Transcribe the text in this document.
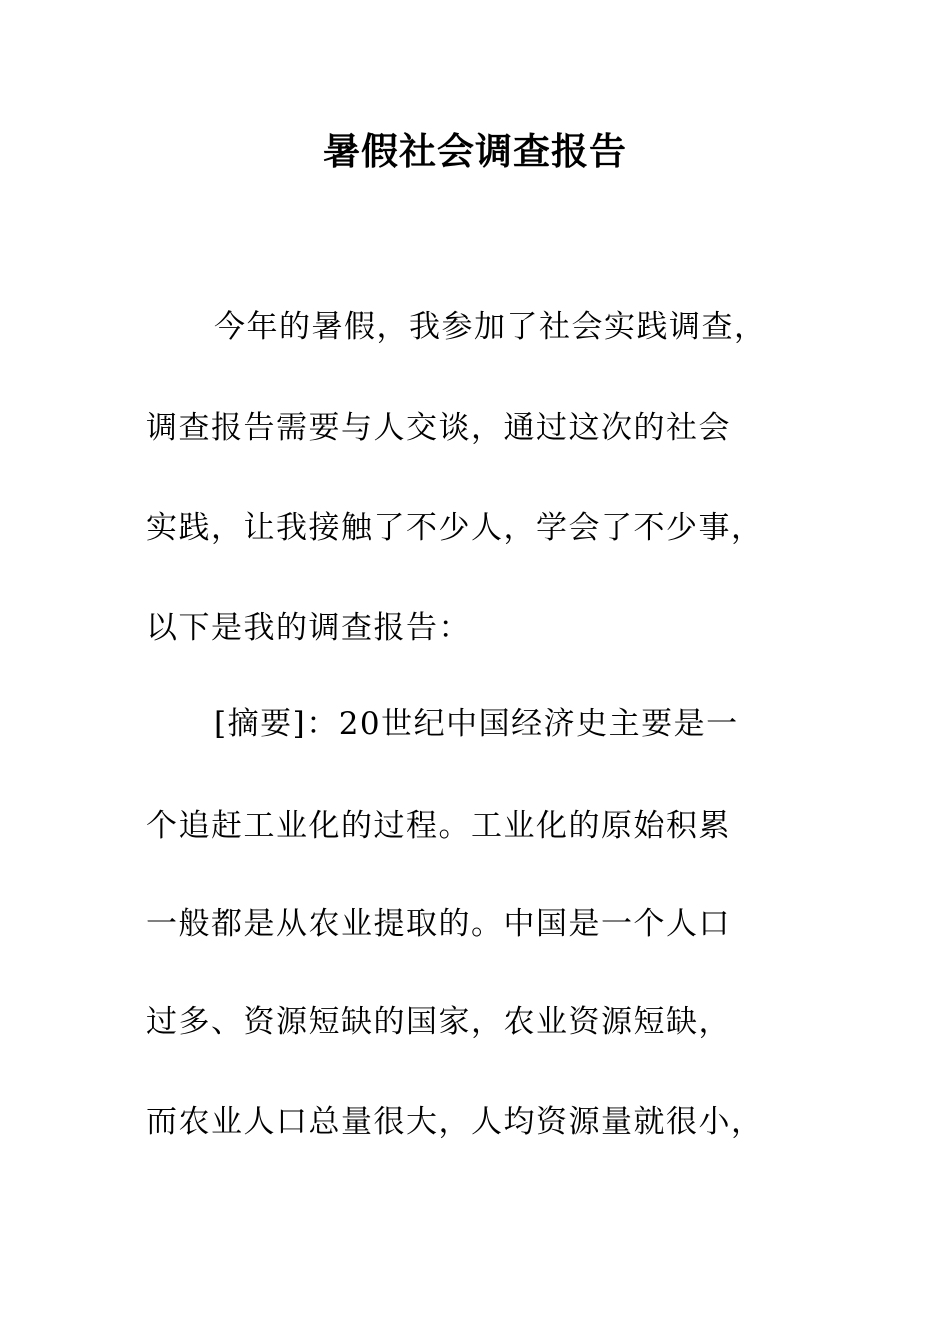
暑假社会调查报告
今年的暑假，我参加了社会实践调查，
调查报告需要与人交谈，通过这次的社会
实践，让我接触了不少人，学会了不少事，
以下是我的调查报告：
[摘要]：20世纪中国经济史主要是一
个追赶工业化的过程。工业化的原始积累
一般都是从农业提取的。中国是一个人口
过多、资源短缺的国家，农业资源短缺，
而农业人口总量很大，人均资源量就很小，
